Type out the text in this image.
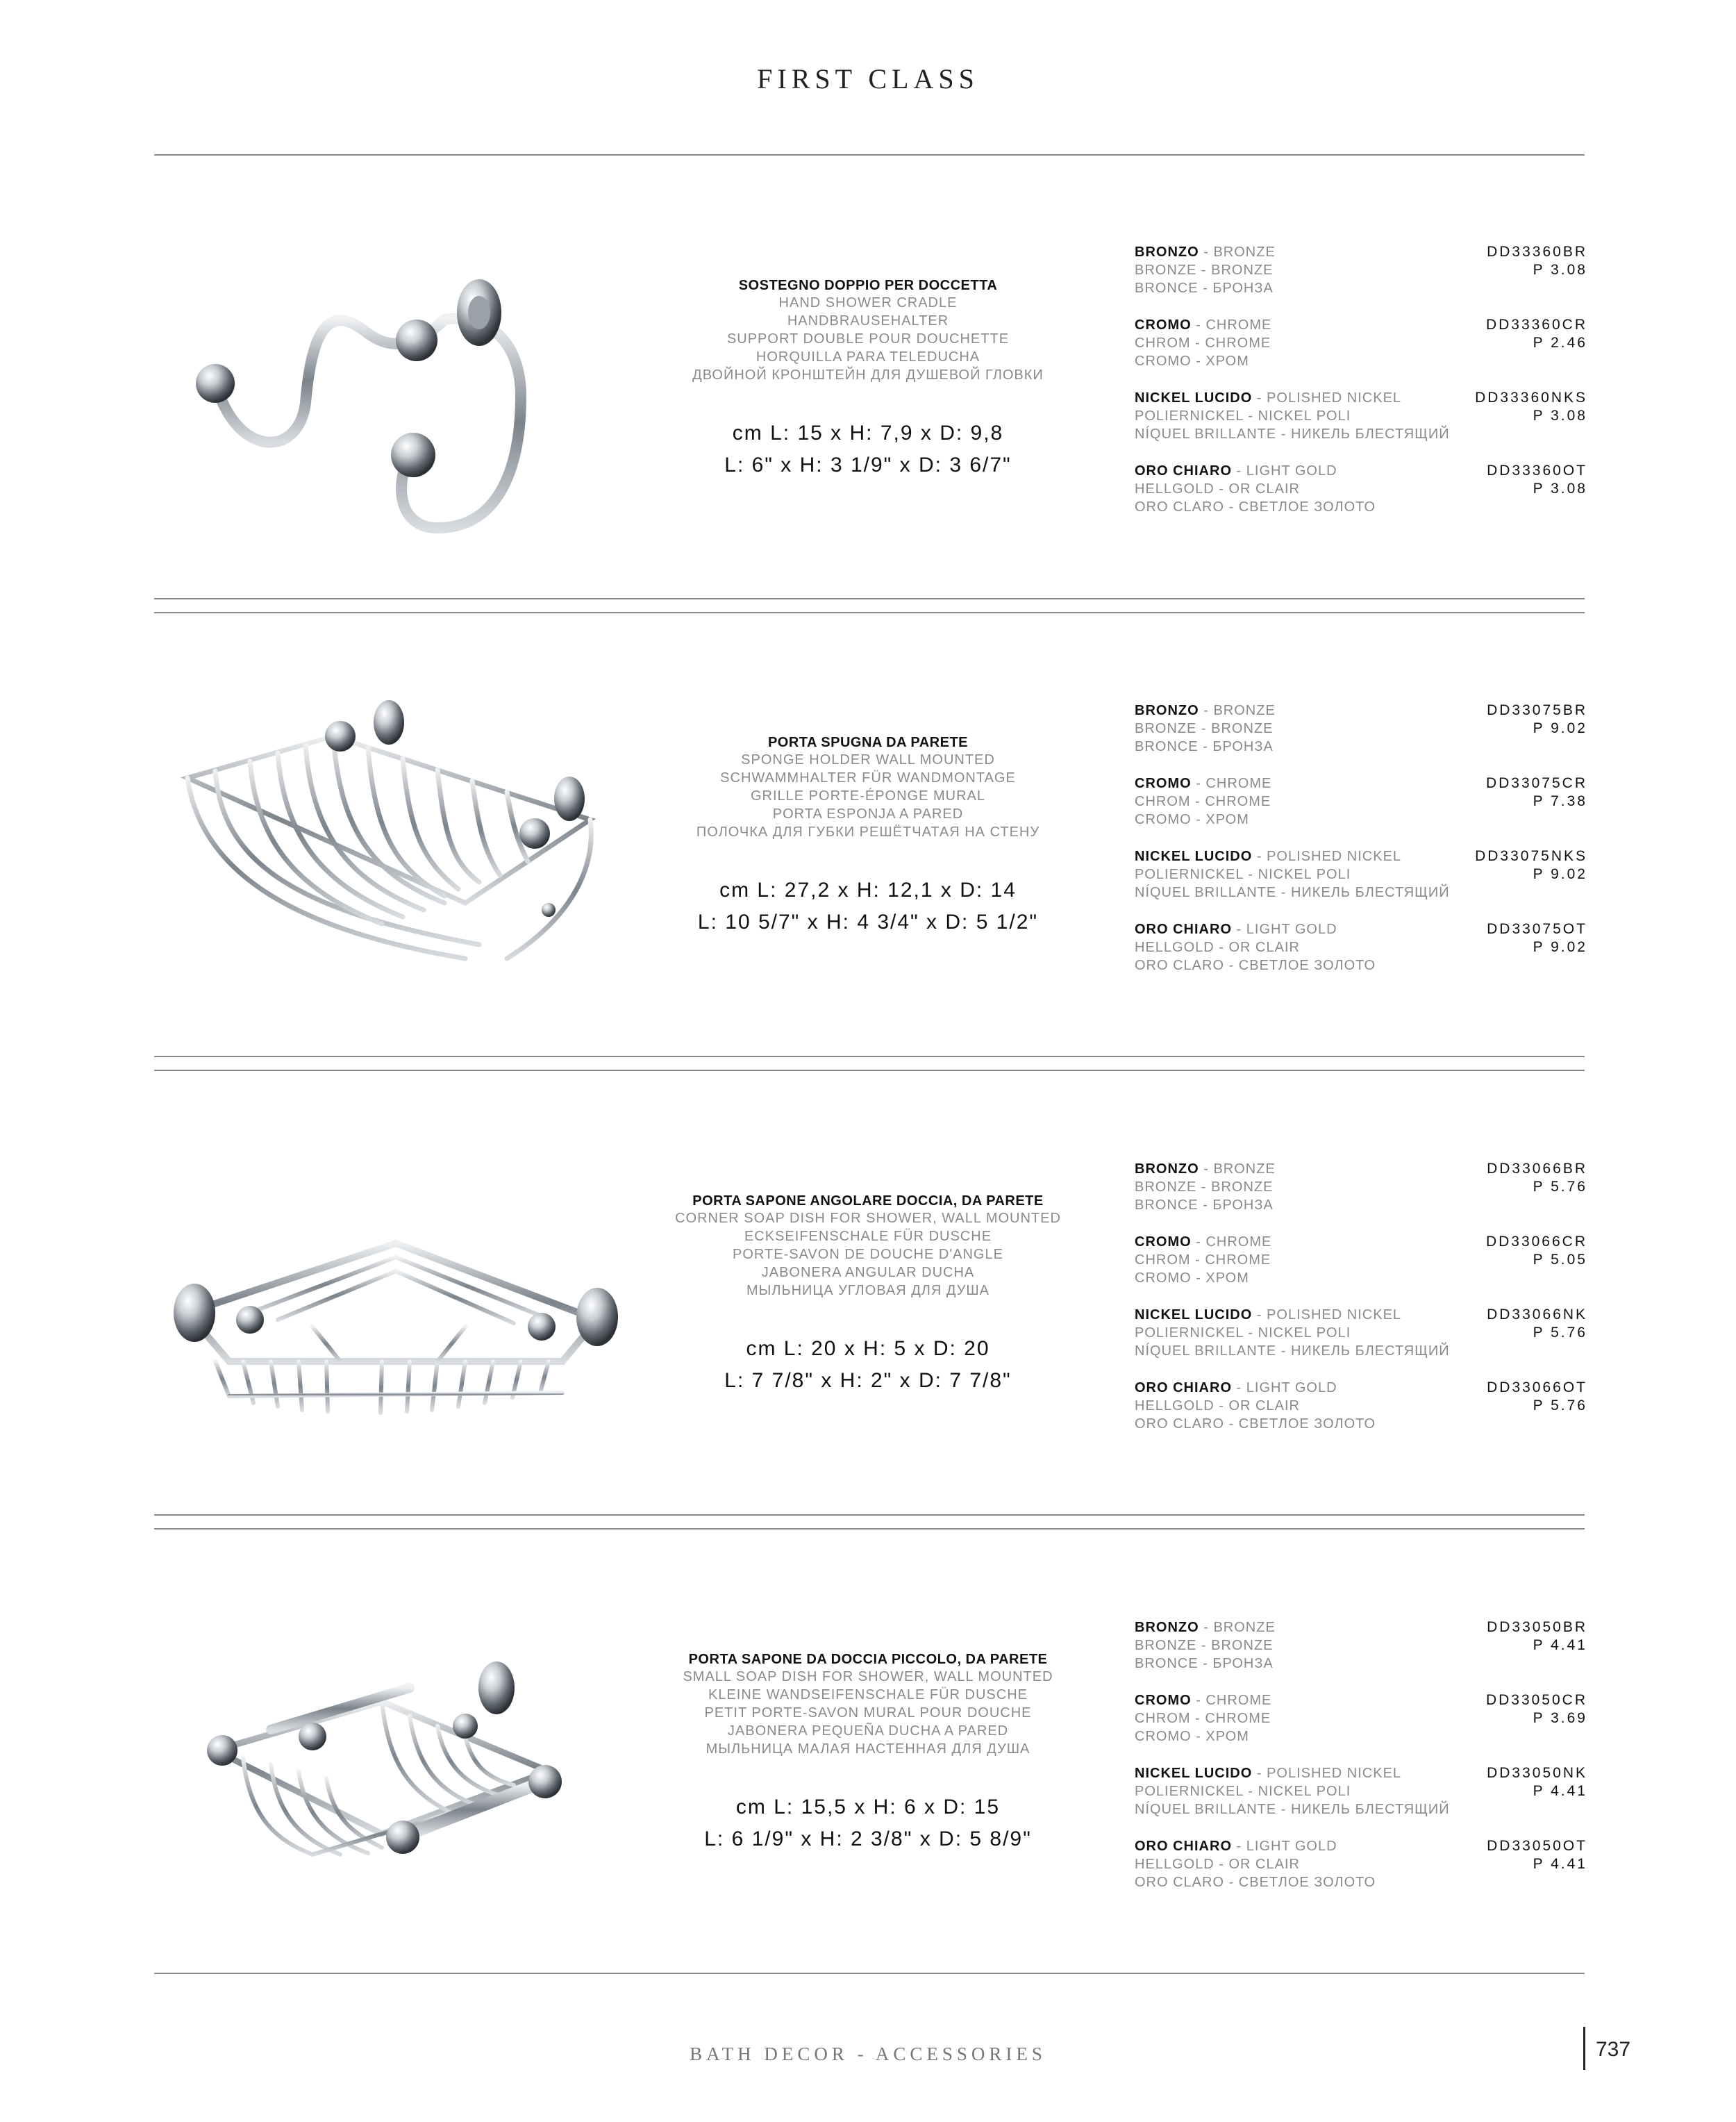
FIRST CLASS
SOSTEGNO DOPPIO PER DOCCETTA
HAND SHOWER CRADLE
HANDBRAUSEHALTER
SUPPORT DOUBLE POUR DOUCHETTE
HORQUILLA PARA TELEDUCHA
ДВОЙНОЙ КРОНШТЕЙН ДЛЯ ДУШЕВОЙ ГЛОВКИ
cm L: 15 x H: 7,9 x D: 9,8
L: 6" x H: 3 1/9" x D: 3 6/7"
BRONZO - BRONZE
BRONZE - BRONZE
BRONCE - БРОНЗА
DD33360BR
P 3.08
CROMO - CHROME
CHROM - CHROME
CROMO - ХРОМ
DD33360CR
P 2.46
NICKEL LUCIDO - POLISHED NICKEL
POLIERNICKEL - NICKEL POLI
NÍQUEL BRILLANTE - НИКЕЛЬ БЛЕСТЯЩИЙ
DD33360NKS
P 3.08
ORO CHIARO - LIGHT GOLD
HELLGOLD - OR CLAIR
ORO CLARO - СВЕТЛОЕ ЗОЛОТО
DD33360OT
P 3.08
PORTA SPUGNA DA PARETE
SPONGE HOLDER WALL MOUNTED
SCHWAMMHALTER FÜR WANDMONTAGE
GRILLE PORTE-ÉPONGE MURAL
PORTA ESPONJA A PARED
ПОЛОЧКА ДЛЯ ГУБКИ РЕШЁТЧАТАЯ НА СТЕНУ
cm L: 27,2 x H: 12,1 x D: 14
L: 10 5/7" x H: 4 3/4" x D: 5 1/2"
BRONZO - BRONZE
BRONZE - BRONZE
BRONCE - БРОНЗА
DD33075BR
P 9.02
CROMO - CHROME
CHROM - CHROME
CROMO - ХРОМ
DD33075CR
P 7.38
NICKEL LUCIDO - POLISHED NICKEL
POLIERNICKEL - NICKEL POLI
NÍQUEL BRILLANTE - НИКЕЛЬ БЛЕСТЯЩИЙ
DD33075NKS
P 9.02
ORO CHIARO - LIGHT GOLD
HELLGOLD - OR CLAIR
ORO CLARO - СВЕТЛОЕ ЗОЛОТО
DD33075OT
P 9.02
PORTA SAPONE ANGOLARE DOCCIA, DA PARETE
CORNER SOAP DISH FOR SHOWER, WALL MOUNTED
ECKSEIFENSCHALE FÜR DUSCHE
PORTE-SAVON DE DOUCHE D'ANGLE
JABONERA ANGULAR DUCHA
МЫЛЬНИЦА УГЛОВАЯ ДЛЯ ДУША
cm L: 20 x H: 5 x D: 20
L: 7 7/8" x H: 2" x D: 7 7/8"
BRONZO - BRONZE
BRONZE - BRONZE
BRONCE - БРОНЗА
DD33066BR
P 5.76
CROMO - CHROME
CHROM - CHROME
CROMO - ХРОМ
DD33066CR
P 5.05
NICKEL LUCIDO - POLISHED NICKEL
POLIERNICKEL - NICKEL POLI
NÍQUEL BRILLANTE - НИКЕЛЬ БЛЕСТЯЩИЙ
DD33066NK
P 5.76
ORO CHIARO - LIGHT GOLD
HELLGOLD - OR CLAIR
ORO CLARO - СВЕТЛОЕ ЗОЛОТО
DD33066OT
P 5.76
PORTA SAPONE DA DOCCIA PICCOLO, DA PARETE
SMALL SOAP DISH FOR SHOWER, WALL MOUNTED
KLEINE WANDSEIFENSCHALE FÜR DUSCHE
PETIT PORTE-SAVON MURAL POUR DOUCHE
JABONERA PEQUEÑA DUCHA A PARED
МЫЛЬНИЦА МАЛАЯ НАСТЕННАЯ ДЛЯ ДУША
cm L: 15,5 x H: 6 x D: 15
L: 6 1/9" x H: 2 3/8" x D: 5 8/9"
BRONZO - BRONZE
BRONZE - BRONZE
BRONCE - БРОНЗА
DD33050BR
P 4.41
CROMO - CHROME
CHROM - CHROME
CROMO - ХРОМ
DD33050CR
P 3.69
NICKEL LUCIDO - POLISHED NICKEL
POLIERNICKEL - NICKEL POLI
NÍQUEL BRILLANTE - НИКЕЛЬ БЛЕСТЯЩИЙ
DD33050NK
P 4.41
ORO CHIARO - LIGHT GOLD
HELLGOLD - OR CLAIR
ORO CLARO - СВЕТЛОЕ ЗОЛОТО
DD33050OT
P 4.41
BATH DECOR - ACCESSORIES	737
